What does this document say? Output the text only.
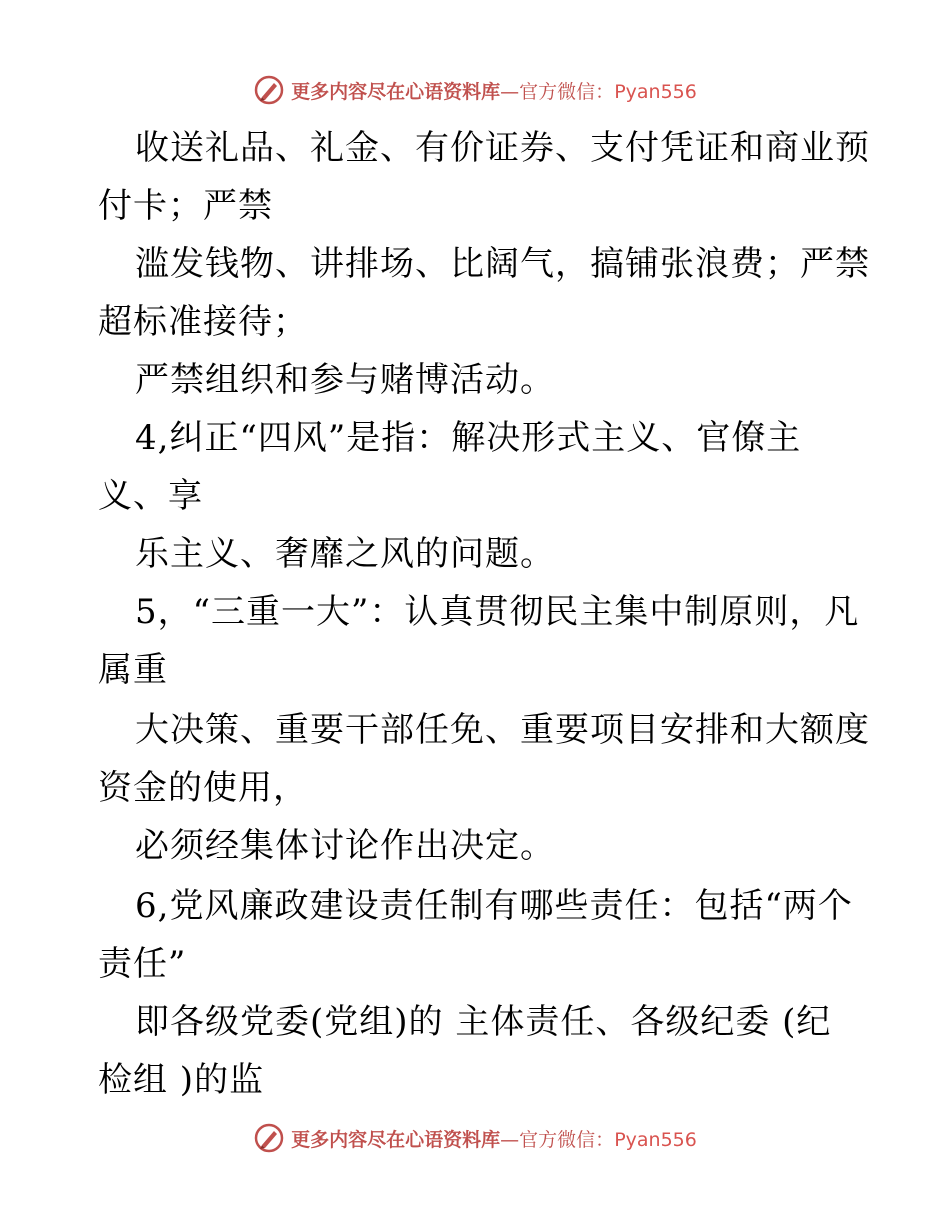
更多内容尽在心语资料库—官方微信：Pyan556
收送礼品、礼金、有价证券、支付凭证和商业预
付卡；严禁
滥发钱物、讲排场、比阔气，搞铺张浪费；严禁
超标准接待；
严禁组织和参与赌博活动。
4,纠正“四风”是指：解决形式主义、官僚主
义、享
乐主义、奢靡之风的问题。
5，“三重一大”：认真贯彻民主集中制原则，凡
属重
大决策、重要干部任免、重要项目安排和大额度
资金的使用，
必须经集体讨论作出决定。
6,党风廉政建设责任制有哪些责任：包括“两个
责任”
即各级党委(党组)的 主体责任、各级纪委 (纪
检组 )的监
更多内容尽在心语资料库—官方微信：Pyan556
